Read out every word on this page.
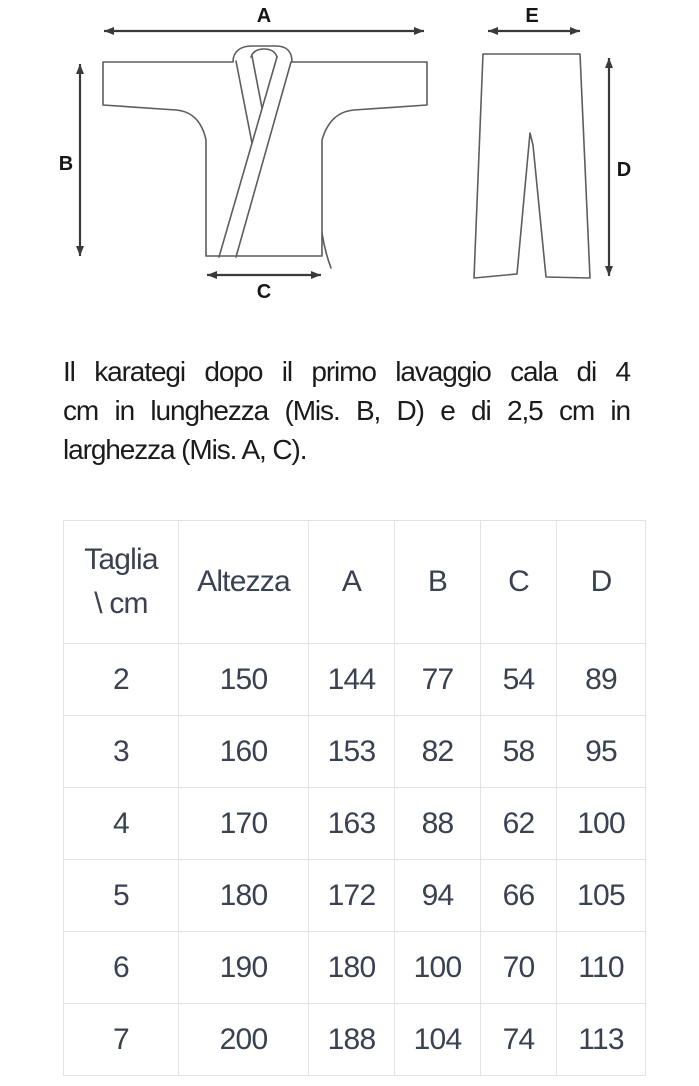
A	E
B	D
C

Il karategi dopo il primo lavaggio cala di 4
cm in lunghezza (Mis. B, D) e di 2,5 cm in
larghezza (Mis. A, C).

Taglia
\ cm	Altezza	A	B	C	D
2	150	144	77	54	89
3	160	153	82	58	95
4	170	163	88	62	100
5	180	172	94	66	105
6	190	180	100	70	110
7	200	188	104	74	113
